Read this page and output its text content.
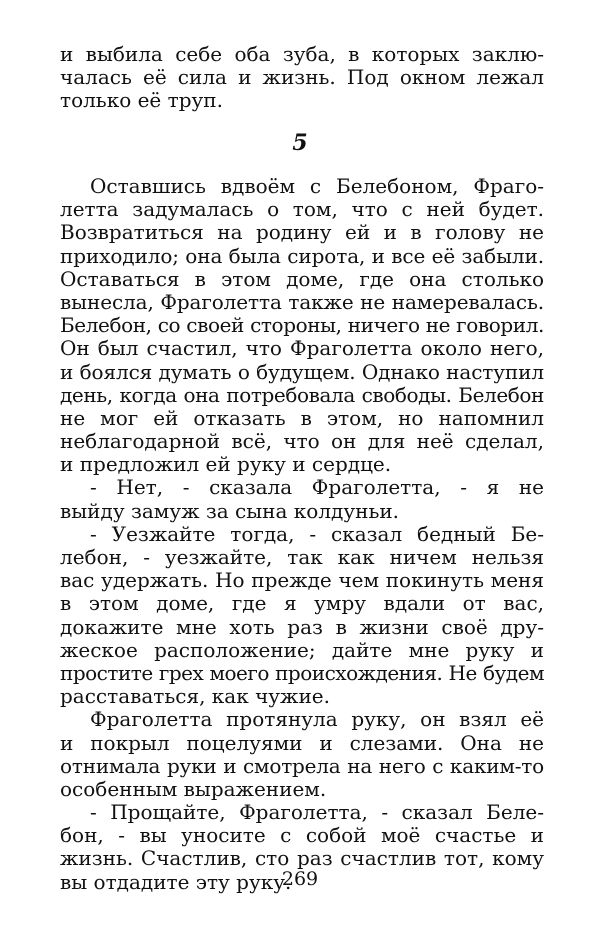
и выбила себе оба зуба, в которых заклю-
чалась её сила и жизнь. Под окном лежал
только её труп.
5
Оставшись вдвоём с Белебоном, Фраго-
летта задумалась о том, что с ней будет.
Возвратиться на родину ей и в голову не
приходило; она была сирота, и все её забыли.
Оставаться в этом доме, где она столько
вынесла, Фраголетта также не намеревалась.
Белебон, со своей стороны, ничего не говорил.
Он был счастил, что Фраголетта около него,
и боялся думать о будущем. Однако наступил
день, когда она потребовала свободы. Белебон
не мог ей отказать в этом, но напомнил
неблагодарной всё, что он для неё сделал,
и предложил ей руку и сердце.
- Нет, - сказала Фраголетта, - я не
выйду замуж за сына колдуньи.
- Уезжайте тогда, - сказал бедный Бе-
лебон, - уезжайте, так как ничем нельзя
вас удержать. Но прежде чем покинуть меня
в этом доме, где я умру вдали от вас,
докажите мне хоть раз в жизни своё дру-
жеское расположение; дайте мне руку и
простите грех моего происхождения. Не будем
расставаться, как чужие.
Фраголетта протянула руку, он взял её
и покрыл поцелуями и слезами. Она не
отнимала руки и смотрела на него с каким-то
особенным выражением.
- Прощайте, Фраголетта, - сказал Беле-
бон, - вы уносите с собой моё счастье и
жизнь. Счастлив, сто раз счастлив тот, кому
вы отдадите эту руку.
269
